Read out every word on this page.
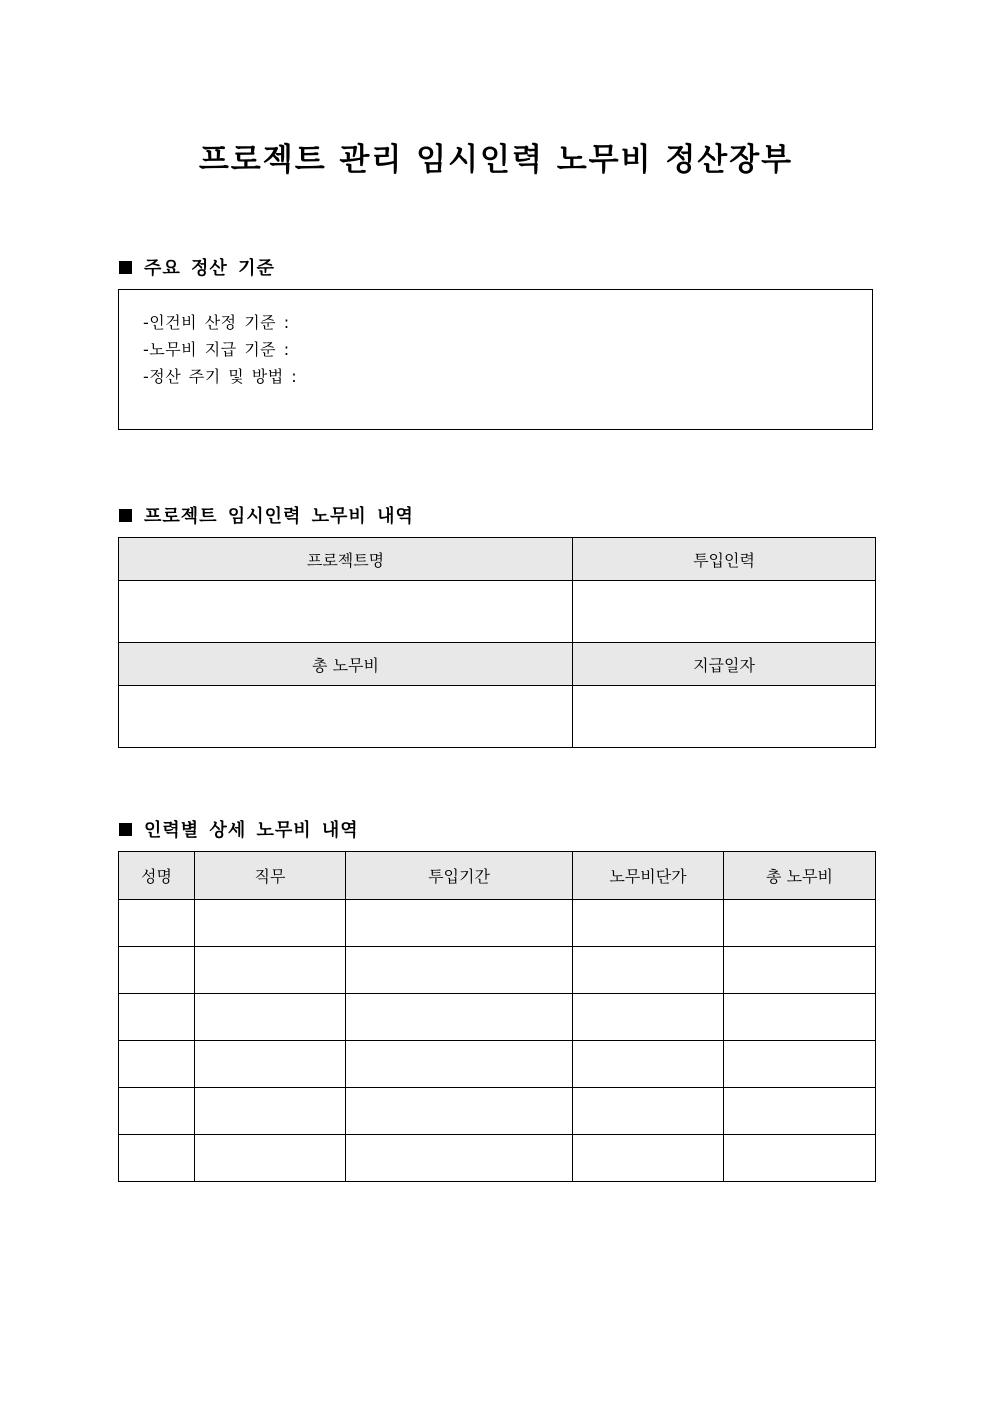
프로젝트 관리 임시인력 노무비 정산장부
주요 정산 기준
-인건비 산정 기준 :
-노무비 지급 기준 :
-정산 주기 및 방법 :
프로젝트 임시인력 노무비 내역
프로젝트명	투입인력

총 노무비	지급일자

인력별 상세 노무비 내역
성명	직무	투입기간	노무비단가	총 노무비
